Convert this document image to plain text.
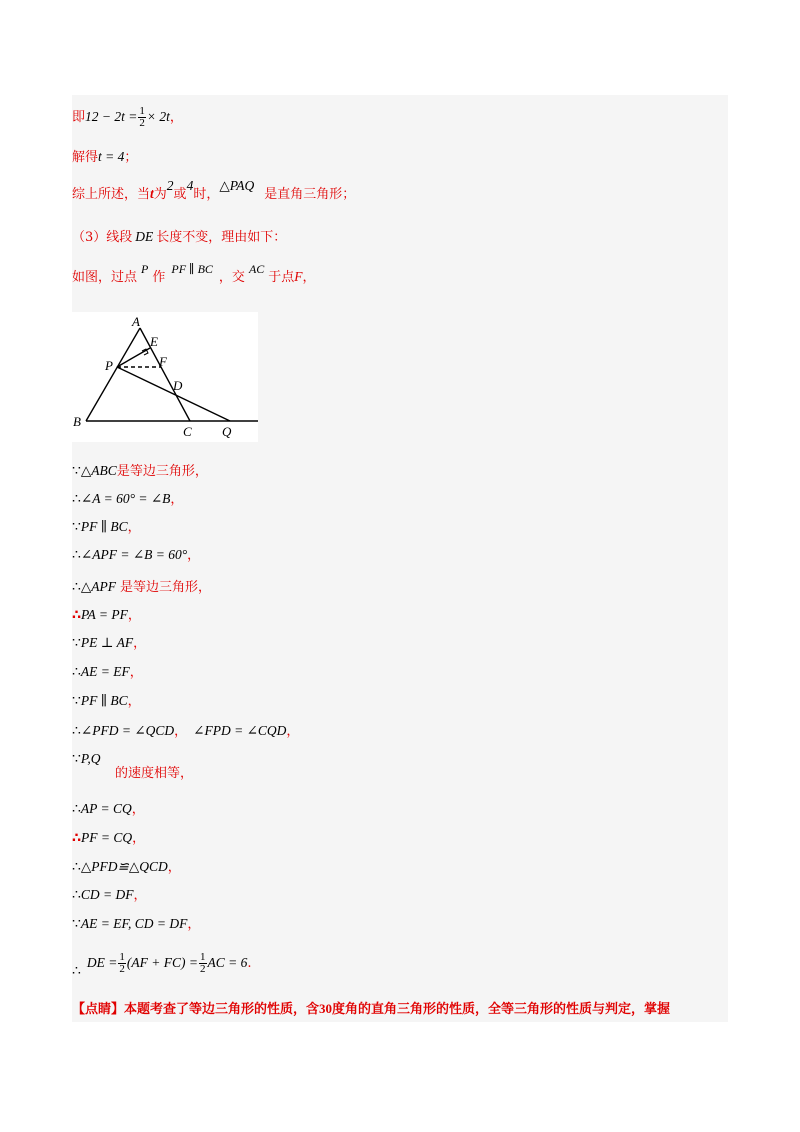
即$12 - 2t = \frac{1}{2} \times 2t$，
解得t = 4；
综上所述，当t为2或4时，△PAQ是直角三角形；
（3）线段 DE 长度不变，理由如下：
如图，过点P作PF ∥ BC，交AC于点F，
A
E
P	F
D
B
C Q
∵△ABC是等边三角形，
∴∠A = 60° = ∠B，
∵PF ∥ BC，
∴∠APF = ∠B = 60°，
∴△APF 是等边三角形，
∴PA = PF，
∵PE ⊥ AF，
∴AE = EF，
∵PF ∥ BC，
∴∠PFD = ∠QCD， ∠FPD = ∠CQD，
∵P,Q
的速度相等，
∴AP = CQ，
∴PF = CQ，
∴△PFD≌△QCD，
∴CD = DF，
∵AE = EF, CD = DF，
∴DE = $\frac{1}{2} (AF + FC) = \frac{1}{2}$ AC = 6.
【点睛】本题考查了等边三角形的性质，含30度角的直角三角形的性质，全等三角形的性质与判定，掌握
